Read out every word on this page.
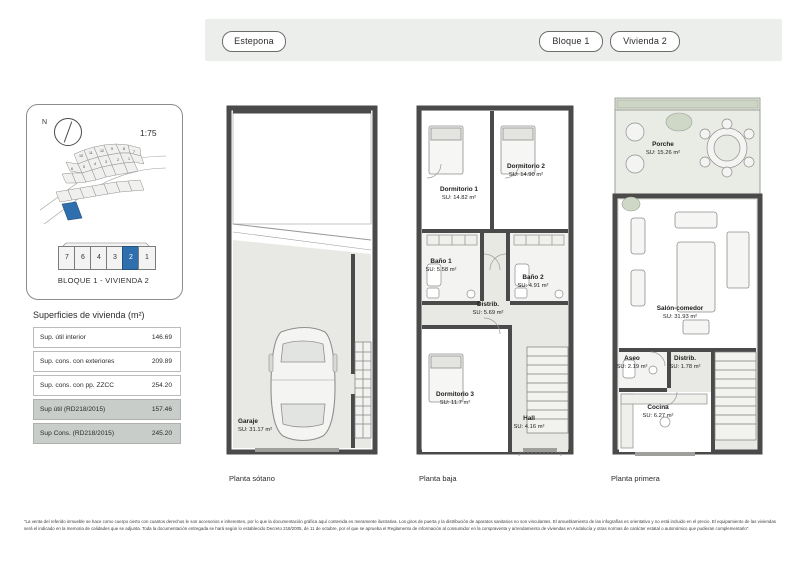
Estepona	Bloque 1	Vivienda 2
N
1:75
10
11 12 9	8
7
6	5
4	3	2	1
7	6	4	3	2	1
BLOQUE 1 - VIVIENDA 2
Superficies de vivienda (m²)
Sup. útil interior	146.69
Sup. cons. con exteriores	209.89
Sup. cons. con pp. ZZCC	254.20
Sup útil (RD218/2015)	157.46
Sup Cons. (RD218/2015)	245.20
Garaje
SU: 31.17 m²
Planta sótano
Dormitorio 1
SU: 14.82 m²
Dormitorio 2
SU: 14.90 m²
Baño 1
SU: 5.58 m²
Baño 2
SU: 4.91 m²
Distrib.
SU: 5.69 m²
Dormitorio 3
SU: 11.7 m²
Hall
SU: 4.16 m²
Planta baja
Porche
SU: 15.26 m²
Salón-comedor
SU: 31.93 m²
Aseo
SU: 2.19 m²
Distrib.
SU: 1.78 m²
Cocina
SU: 6.27 m²
Planta primera
"La venta del referido inmueble se hace como cuerpo cierto con cuantos derechos le son accesorios e inherentes, por lo que la documentación gráfica aquí contenida es meramente ilustrativa. Los giros de puerta y la distribución de aparatos sanitarios no son vinculantes. El amueblamiento de las infografías es orientativo y no está incluido en el precio. El equipamiento de las viviendas será el indicado en la memoria de calidades que se adjunta. Toda la documentación entregada se hará según lo establecido Decreto 218/2005, de 11 de octubre, por el que se aprueba el Reglamento de información al consumidor en la compraventa y arrendamiento de viviendas en Andalucía y otras normas de carácter estatal o autonómico que pudieran complementarlo".
